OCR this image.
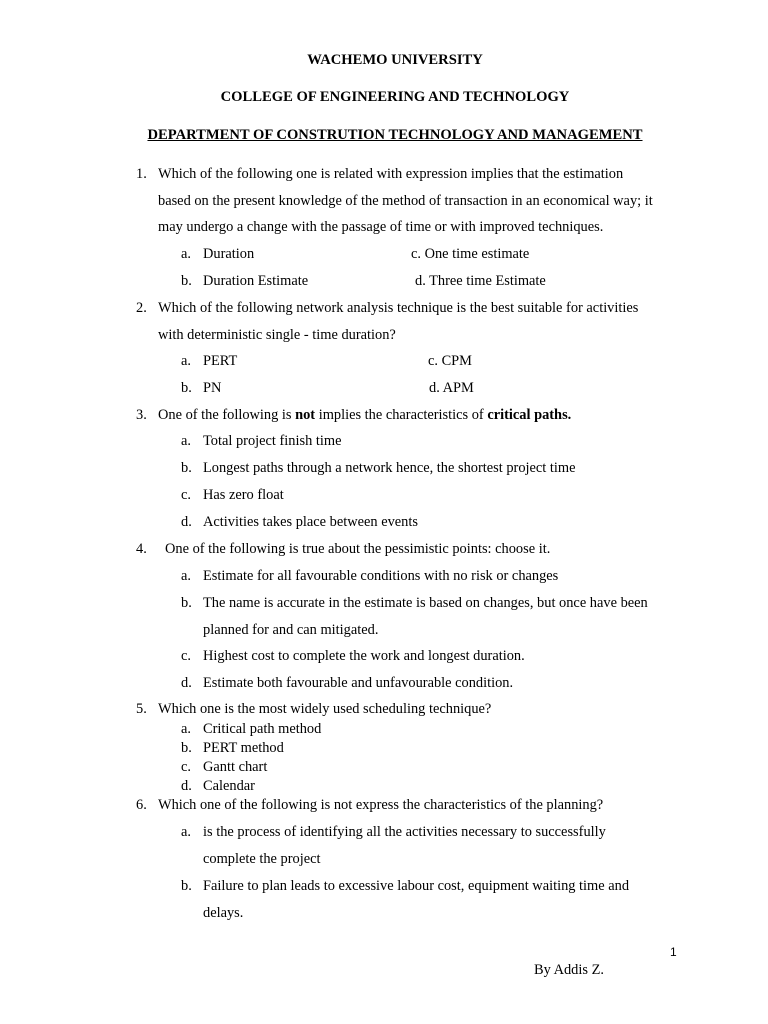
WACHEMO UNIVERSITY
COLLEGE OF ENGINEERING AND TECHNOLOGY
DEPARTMENT OF CONSTRUTION TECHNOLOGY AND MANAGEMENT
1. Which of the following one is related with expression implies that the estimation
based on the present knowledge of the method of transaction in an economical way; it
may undergo a change with the passage of time or with improved techniques.
a. Duration	c. One time estimate
b. Duration Estimate	d. Three time Estimate
2. Which of the following network analysis technique is the best suitable for activities
with deterministic single - time duration?
a. PERT	c. CPM
b. PN	d. APM
3. One of the following is not implies the characteristics of critical paths.
a. Total project finish time
b. Longest paths through a network hence, the shortest project time
c. Has zero float
d. Activities takes place between events
4. One of the following is true about the pessimistic points: choose it.
a. Estimate for all favourable conditions with no risk or changes
b. The name is accurate in the estimate is based on changes, but once have been
planned for and can mitigated.
c. Highest cost to complete the work and longest duration.
d. Estimate both favourable and unfavourable condition.
5. Which one is the most widely used scheduling technique?
a. Critical path method
b. PERT method
c. Gantt chart
d. Calendar
6. Which one of the following is not express the characteristics of the planning?
a. is the process of identifying all the activities necessary to successfully
complete the project
b. Failure to plan leads to excessive labour cost, equipment waiting time and
delays.
1
By Addis Z.
